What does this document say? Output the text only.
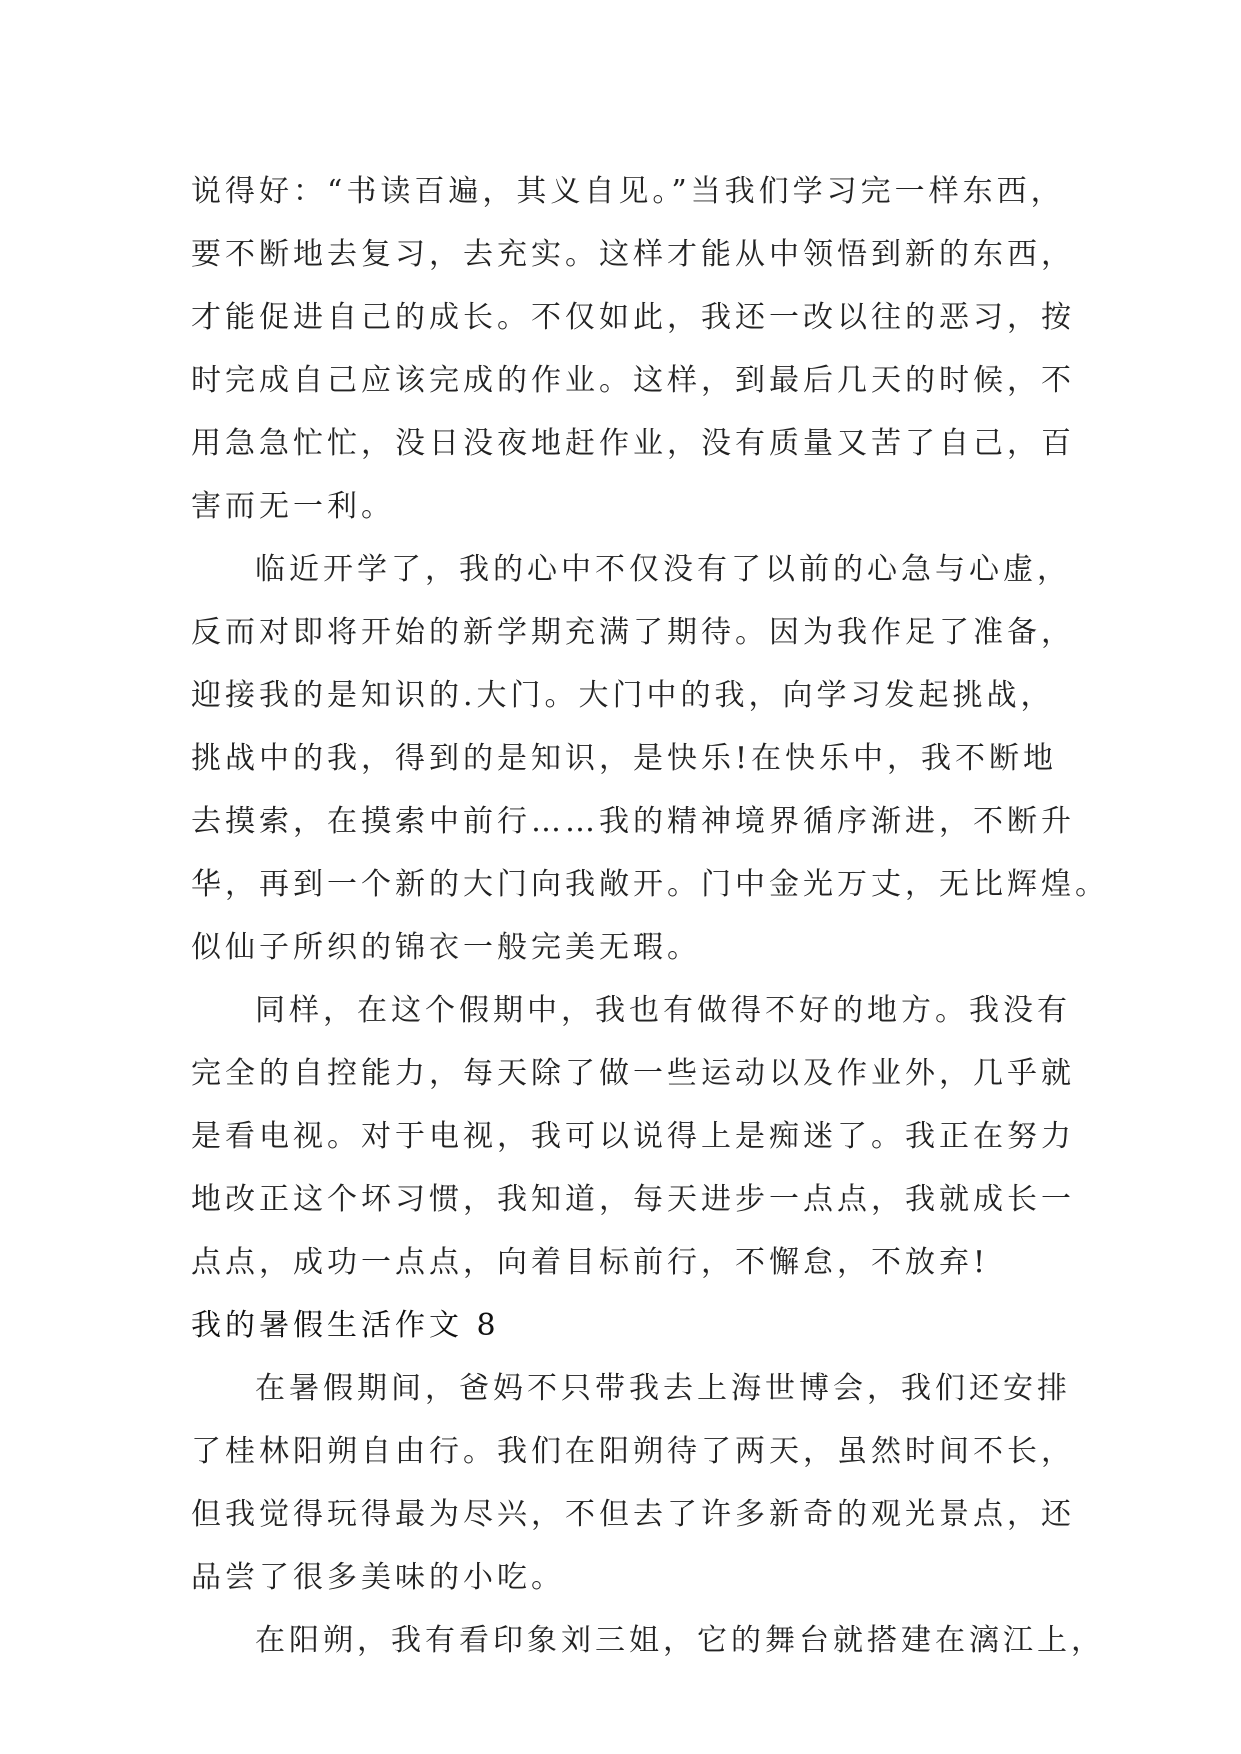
说得好：“书读百遍，其义自见。”当我们学习完一样东西，
要不断地去复习，去充实。这样才能从中领悟到新的东西，
才能促进自己的成长。不仅如此，我还一改以往的恶习，按
时完成自己应该完成的作业。这样，到最后几天的时候，不
用急急忙忙，没日没夜地赶作业，没有质量又苦了自己，百
害而无一利。
临近开学了，我的心中不仅没有了以前的心急与心虚，
反而对即将开始的新学期充满了期待。因为我作足了准备，
迎接我的是知识的.大门。大门中的我，向学习发起挑战，
挑战中的我，得到的是知识，是快乐!在快乐中，我不断地
去摸索，在摸索中前行……我的精神境界循序渐进，不断升
华，再到一个新的大门向我敞开。门中金光万丈，无比辉煌。
似仙子所织的锦衣一般完美无瑕。
同样，在这个假期中，我也有做得不好的地方。我没有
完全的自控能力，每天除了做一些运动以及作业外，几乎就
是看电视。对于电视，我可以说得上是痴迷了。我正在努力
地改正这个坏习惯，我知道，每天进步一点点，我就成长一
点点，成功一点点，向着目标前行，不懈怠，不放弃!
我的暑假生活作文 8
在暑假期间，爸妈不只带我去上海世博会，我们还安排
了桂林阳朔自由行。我们在阳朔待了两天，虽然时间不长，
但我觉得玩得最为尽兴，不但去了许多新奇的观光景点，还
品尝了很多美味的小吃。
在阳朔，我有看印象刘三姐，它的舞台就搭建在漓江上，
